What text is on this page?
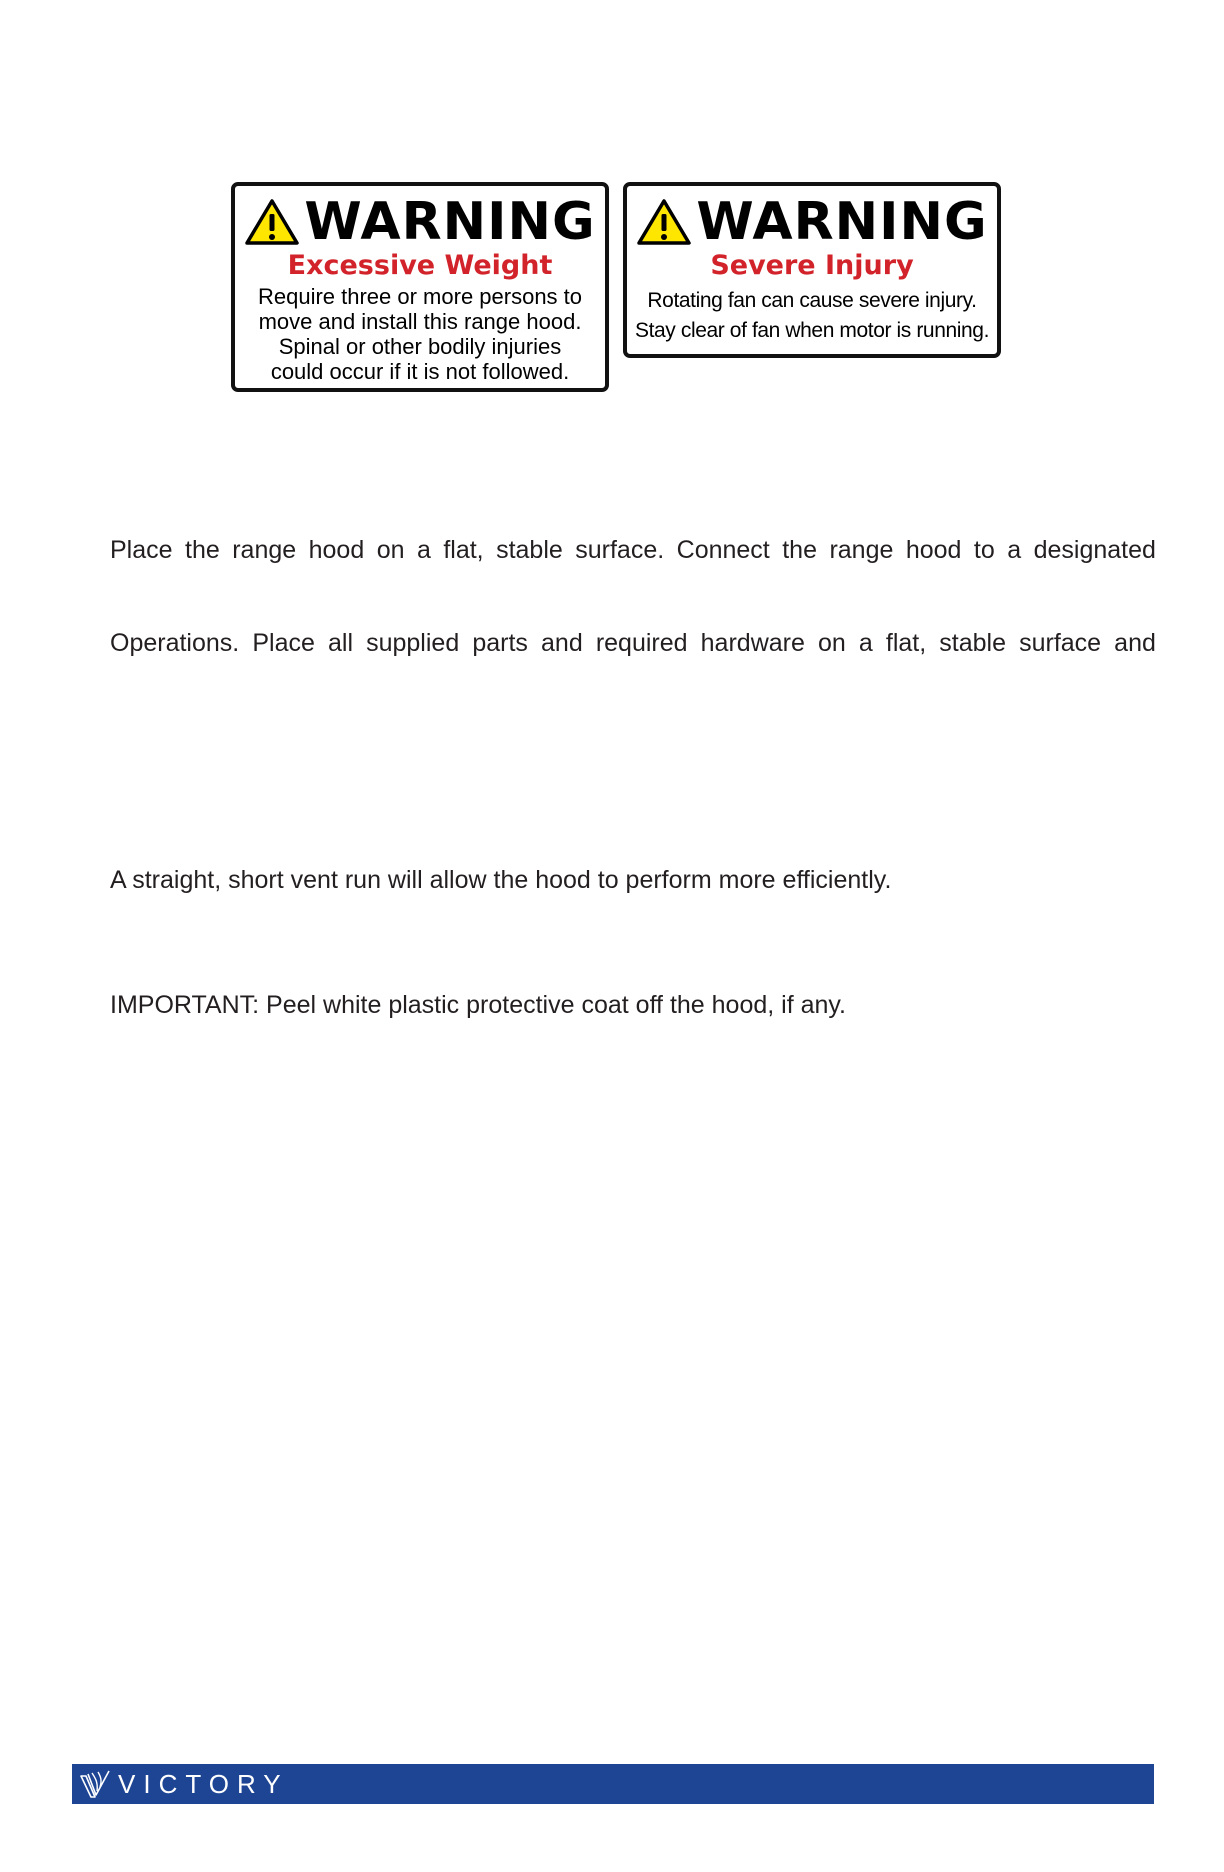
WARNING
Excessive Weight
Require three or more persons to
move and install this range hood.
Spinal or other bodily injuries
could occur if it is not followed.
WARNING
Severe Injury
Rotating fan can cause severe injury.
Stay clear of fan when motor is running.
Place the range hood on a flat, stable surface. Connect the range hood to a designated
Operations. Place all supplied parts and required hardware on a flat, stable surface and
A straight, short vent run will allow the hood to perform more efficiently.
IMPORTANT: Peel white plastic protective coat off the hood, if any.
VICTORY
